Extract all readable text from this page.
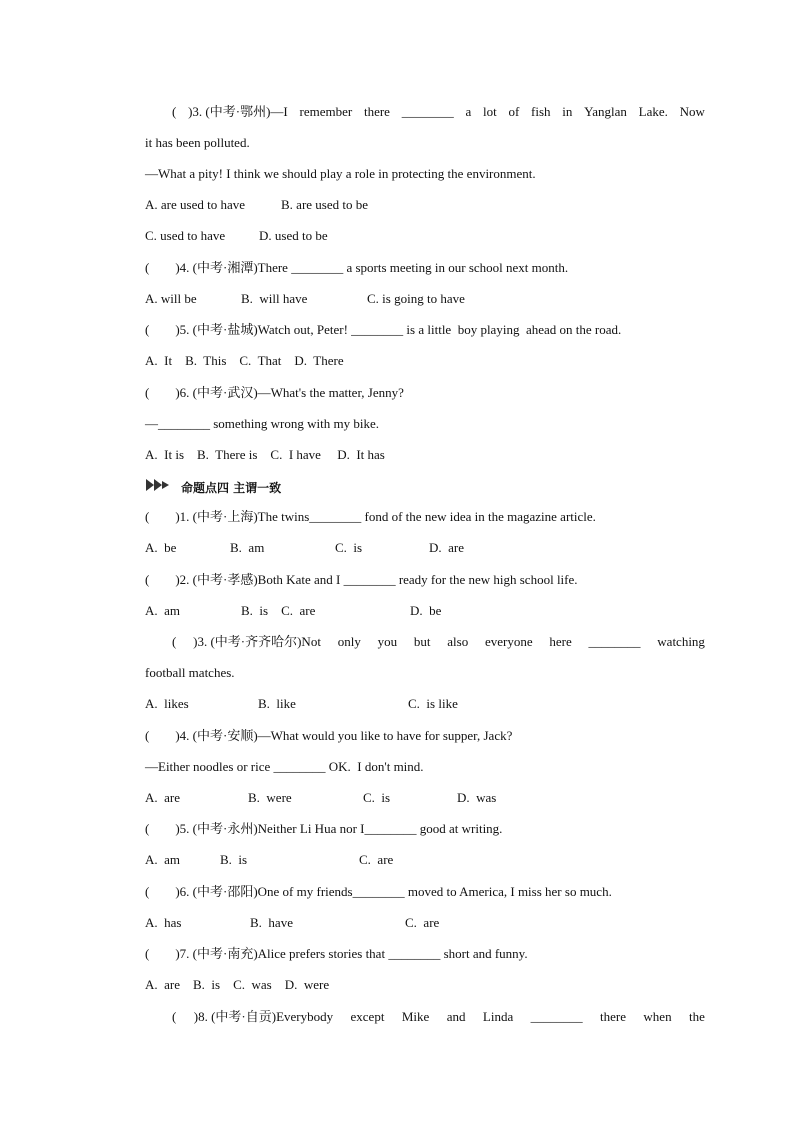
( )3. (中考·鄂州)—I remember there ________ a lot of fish in Yanglan Lake. Now
it has been polluted.
—What a pity! I think we should play a role in protecting the environment.
A. are used to have	B. are used to be
C. used to have	D. used to be
(        )4. (中考·湘潭)There ________ a sports meeting in our school next month.
A. will be	B.  will have	C. is going to have
(        )5. (中考·盐城)Watch out, Peter! ________ is a little  boy playing  ahead on the road.
A.  It    B.  This    C.  That    D.  There
(        )6. (中考·武汉)—What's the matter, Jenny?
—________ something wrong with my bike.
A.  It is    B.  There is    C.  I have     D.  It has
命题点四 主谓一致
(        )1. (中考·上海)The twins________ fond of the new idea in the magazine article.
A.  be	B.  am	C.  is	D.  are
(        )2. (中考·孝感)Both Kate and I ________ ready for the new high school life.
A.  am	B.  is    C.  are	D.  be
( )3. (中考·齐齐哈尔)Not only you but also everyone here ________ watching
football matches.
A.  likes	B.  like	C.  is like
(        )4. (中考·安顺)—What would you like to have for supper, Jack?
—Either noodles or rice ________ OK.  I don't mind.
A.  are	B.  were	C.  is	D.  was
(        )5. (中考·永州)Neither Li Hua nor I________ good at writing.
A.  am	B.  is	C.  are
(        )6. (中考·邵阳)One of my friends________ moved to America, I miss her so much.
A.  has	B.  have	C.  are
(        )7. (中考·南充)Alice prefers stories that ________ short and funny.
A.  are    B.  is    C.  was    D.  were
( )8. (中考·自贡)Everybody except Mike and Linda ________ there when the
